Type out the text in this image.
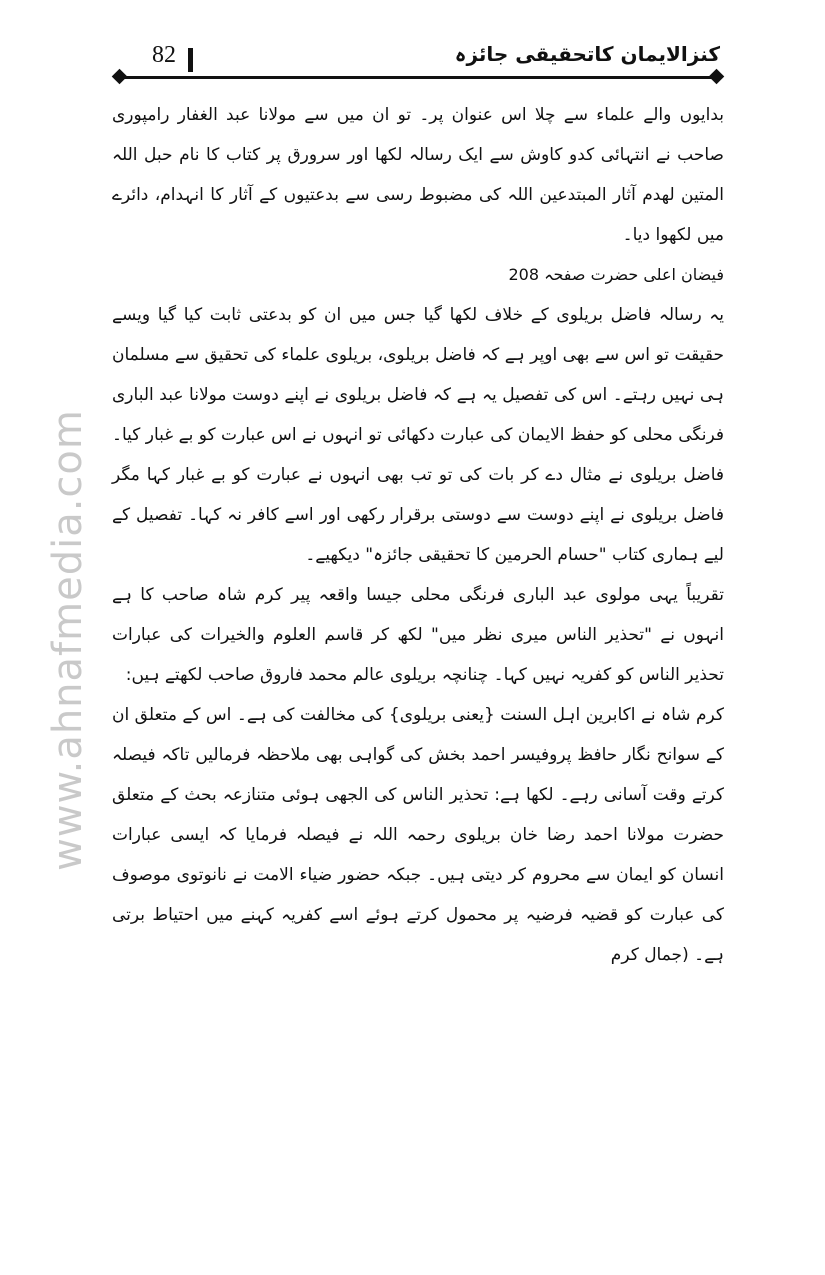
82	کنزالایمان کاتحقیقی جائزہ
www.ahnafmedia.com

بدایوں والے علماء سے چلا اس عنوان پر۔ تو ان میں سے مولانا عبد الغفار رامپوری صاحب نے انتہائی کدو کاوش سے ایک رسالہ لکھا اور سرورق پر کتاب کا نام حبل اللہ المتین لھدم آثار المبتدعین اللہ کی مضبوط رسی سے بدعتیوں کے آثار کا انہدام، دائرے میں لکھوا دیا۔

فیضان اعلی حضرت صفحہ 208

یہ رسالہ فاضل بریلوی کے خلاف لکھا گیا جس میں ان کو بدعتی ثابت کیا گیا ویسے حقیقت تو اس سے بھی اوپر ہے کہ فاضل بریلوی، بریلوی علماء کی تحقیق سے مسلمان ہی نہیں رہتے۔ اس کی تفصیل یہ ہے کہ فاضل بریلوی نے اپنے دوست مولانا عبد الباری فرنگی محلی کو حفظ الایمان کی عبارت دکھائی تو انہوں نے اس عبارت کو بے غبار کیا۔ فاضل بریلوی نے مثال دے کر بات کی تو تب بھی انہوں نے عبارت کو بے غبار کہا مگر فاضل بریلوی نے اپنے دوست سے دوستی برقرار رکھی اور اسے کافر نہ کہا۔ تفصیل کے لیے ہماری کتاب "حسام الحرمین کا تحقیقی جائزہ" دیکھیے۔

تقریباً یہی مولوی عبد الباری فرنگی محلی جیسا واقعہ پیر کرم شاہ صاحب کا ہے انہوں نے "تحذیر الناس میری نظر میں" لکھ کر قاسم العلوم والخیرات کی عبارات تحذیر الناس کو کفریہ نہیں کہا۔ چنانچہ بریلوی عالم محمد فاروق صاحب لکھتے ہیں:

کرم شاہ نے اکابرین اہل السنت {یعنی بریلوی} کی مخالفت کی ہے۔ اس کے متعلق ان کے سوانح نگار حافظ پروفیسر احمد بخش کی گواہی بھی ملاحظہ فرمالیں تاکہ فیصلہ کرتے وقت آسانی رہے۔ لکھا ہے: تحذیر الناس کی الجھی ہوئی متنازعہ بحث کے متعلق حضرت مولانا احمد رضا خان بریلوی رحمہ اللہ نے فیصلہ فرمایا کہ ایسی عبارات انسان کو ایمان سے محروم کر دیتی ہیں۔ جبکہ حضور ضیاء الامت نے نانوتوی موصوف کی عبارت کو قضیہ فرضیہ پر محمول کرتے ہوئے اسے کفریہ کہنے میں احتیاط برتی ہے۔ (جمال کرم
